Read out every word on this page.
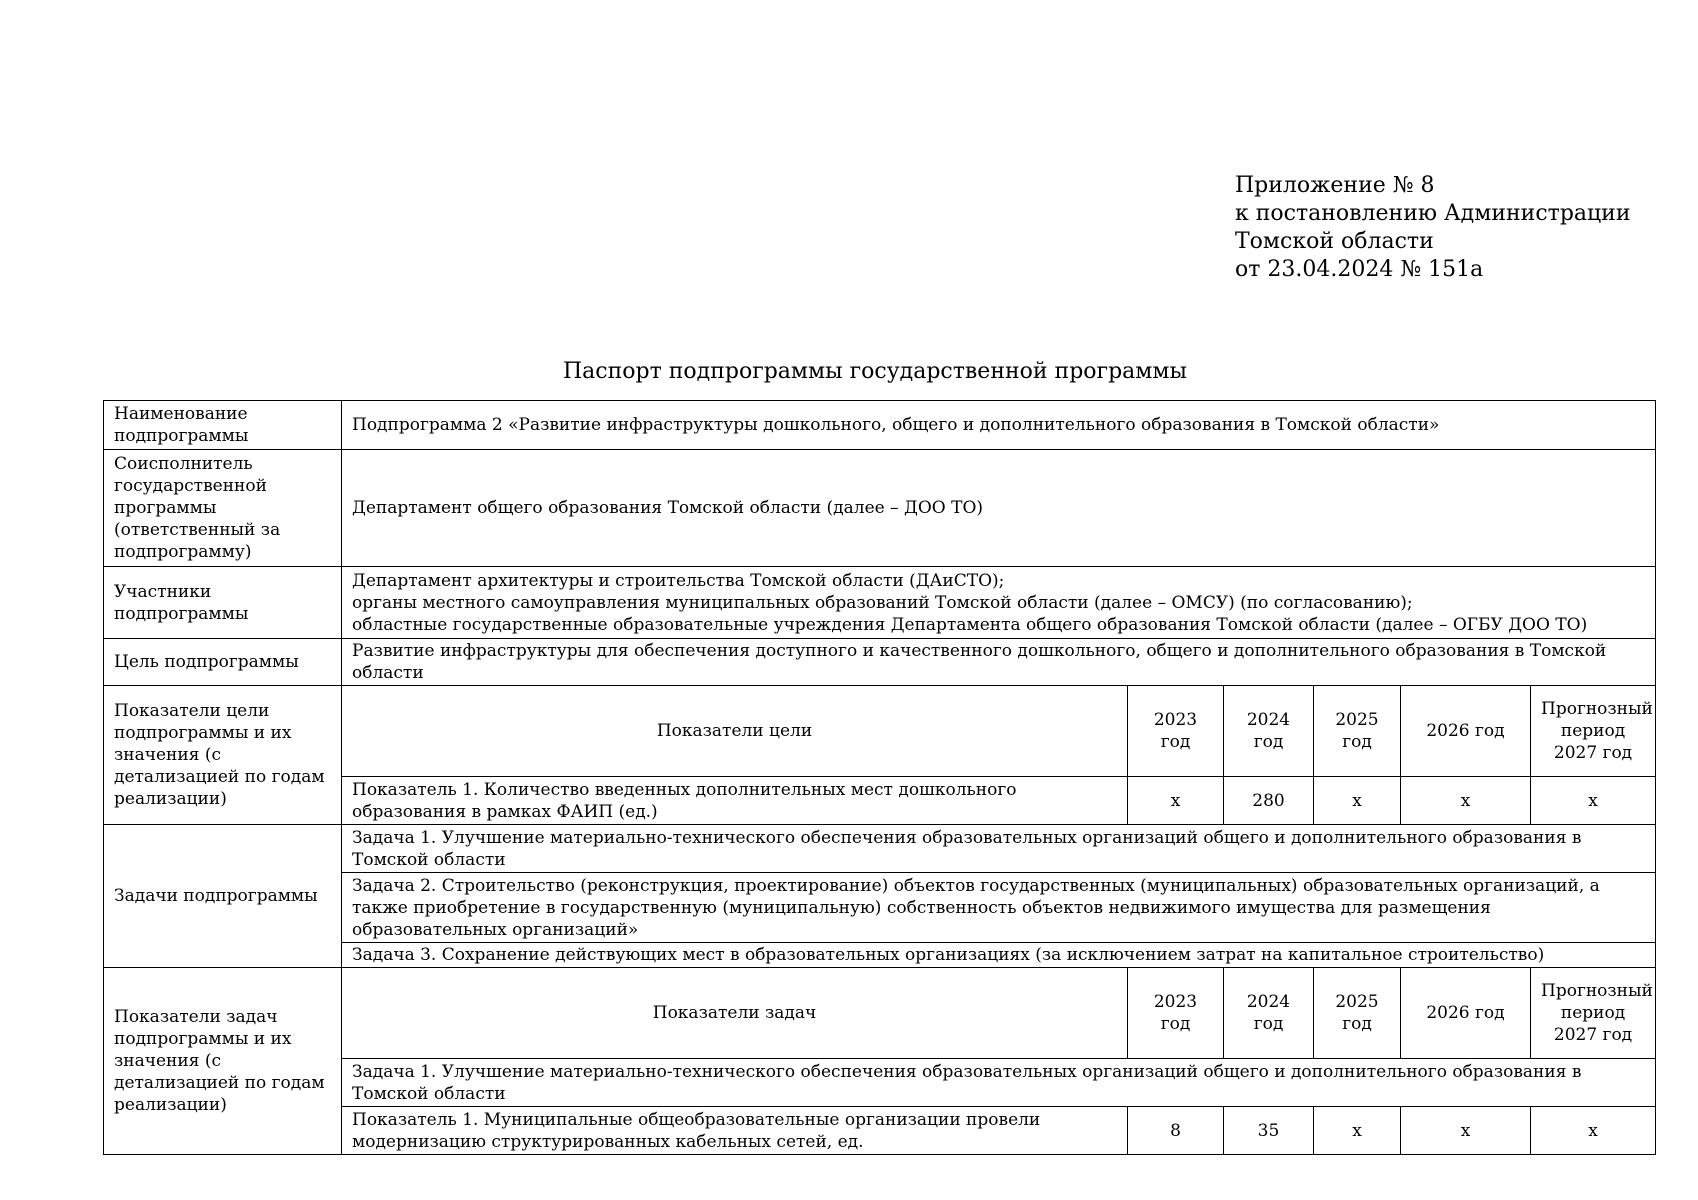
Приложение № 8
к постановлению Администрации
Томской области
от 23.04.2024 № 151а
Паспорт подпрограммы государственной программы
Наименование подпрограммы	Подпрограмма 2 «Развитие инфраструктуры дошкольного, общего и дополнительного образования в Томской области»						
Соисполнитель государственной программы (ответственный за подпрограмму)	Департамент общего образования Томской области (далее – ДОО ТО)						
Участники подпрограммы	Департамент архитектуры и строительства Томской области (ДАиСТО);
органы местного самоуправления муниципальных образований Томской области (далее – ОМСУ) (по согласованию);
областные государственные образовательные учреждения Департамента общего образования Томской области (далее – ОГБУ ДОО ТО)						

Цель подпрограммы	Развитие инфраструктуры для обеспечения доступного и качественного дошкольного, общего и дополнительного образования в Томской области						
Показатели цели подпрограммы и их значения (с детализацией по годам реализации)	Показатели цели	2023 год	2024 год	2025 год	2026 год	Прогнозный период 2027 год	
	Показатель 1. Количество введенных дополнительных мест дошкольного образования в рамках ФАИП (ед.)	х	280	х	х	х	
Задачи подпрограммы	Задача 1. Улучшение материально-технического обеспечения образовательных организаций общего и дополнительного образования в Томской области						
	Задача 2. Строительство (реконструкция, проектирование) объектов государственных (муниципальных) образовательных организаций, а также приобретение в государственную (муниципальную) собственность объектов недвижимого имущества для размещения образовательных организаций»						
	Задача 3. Сохранение действующих мест в образовательных организациях (за исключением затрат на капитальное строительство)						
Показатели задач подпрограммы и их значения (с детализацией по годам реализации)	Показатели задач	2023 год	2024 год	2025 год	2026 год	Прогнозный период 2027 год	
	Задача 1. Улучшение материально-технического обеспечения образовательных организаций общего и дополнительного образования в Томской области						
	Показатель 1. Муниципальные общеобразовательные организации провели модернизацию структурированных кабельных сетей, ед.	8	35	х	х	х	
